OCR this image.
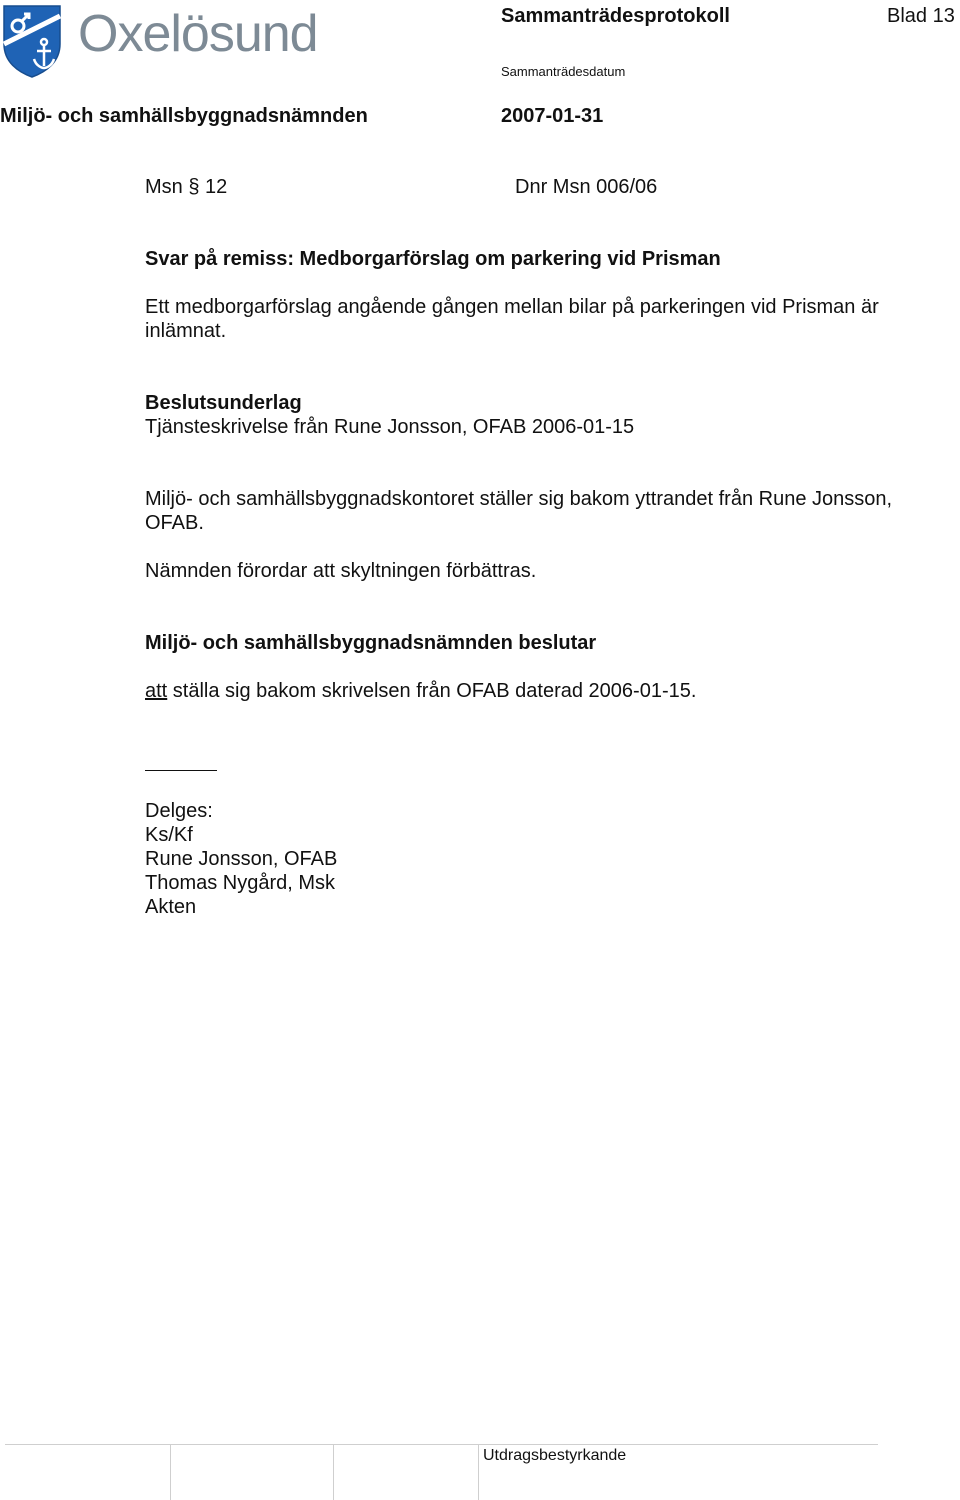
Oxelösund	Sammanträdesprotokoll	Blad 13
Sammanträdesdatum
Miljö- och samhällsbyggnadsnämnden	2007-01-31
Msn § 12	Dnr Msn 006/06
Svar på remiss: Medborgarförslag om parkering vid Prisman
Ett medborgarförslag angående gången mellan bilar på parkeringen vid Prisman är inlämnat.
Beslutsunderlag
Tjänsteskrivelse från Rune Jonsson, OFAB 2006-01-15
Miljö- och samhällsbyggnadskontoret ställer sig bakom yttrandet från Rune Jonsson, OFAB.
Nämnden förordar att skyltningen förbättras.
Miljö- och samhällsbyggnadsnämnden beslutar
att ställa sig bakom skrivelsen från OFAB daterad 2006-01-15.
Delges:
Ks/Kf
Rune Jonsson, OFAB
Thomas Nygård, Msk
Akten
Utdragsbestyrkande
